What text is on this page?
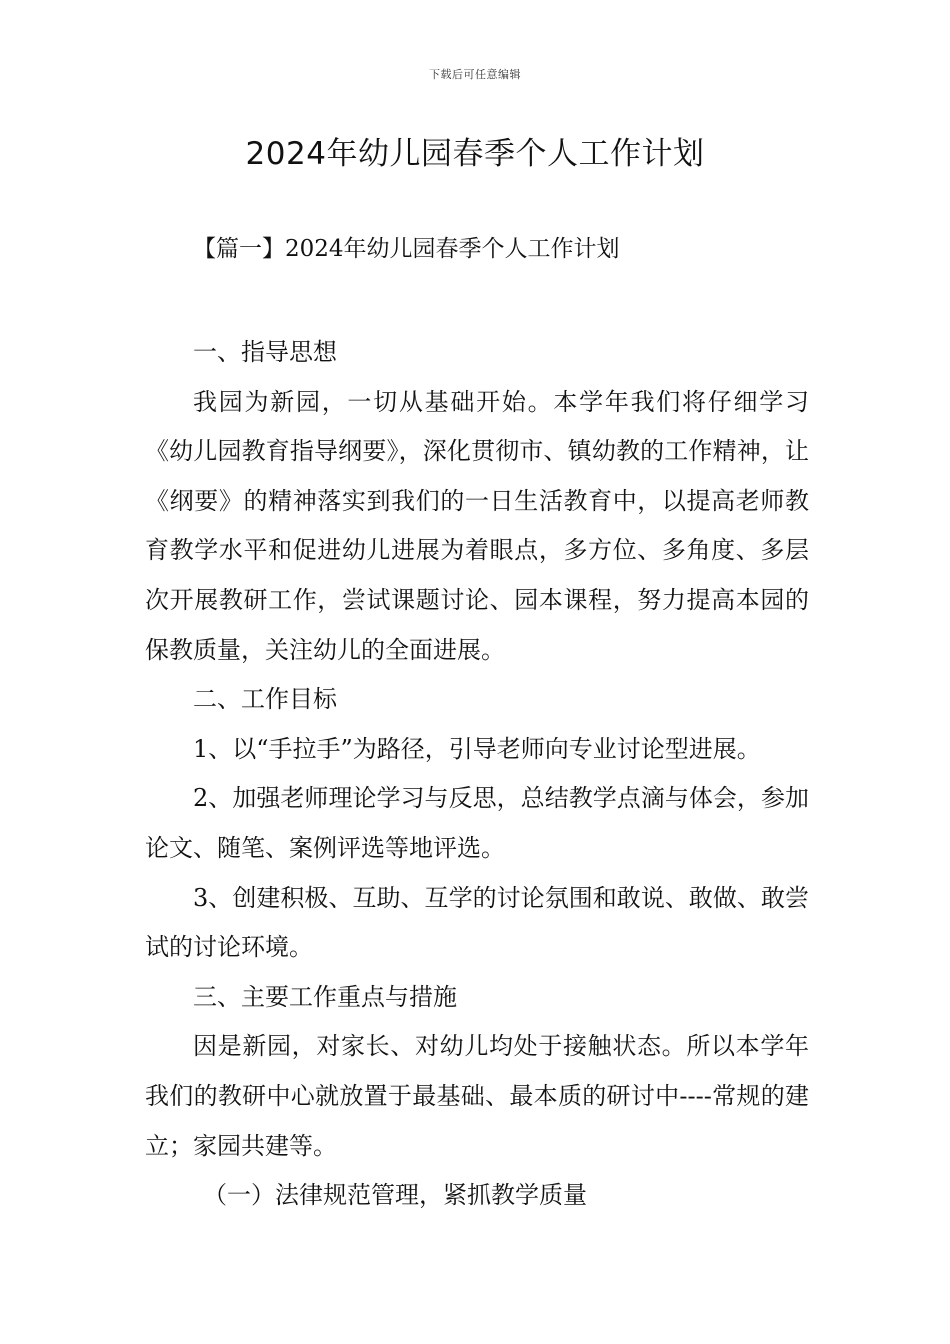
下载后可任意编辑
2024年幼儿园春季个人工作计划
【篇一】2024年幼儿园春季个人工作计划

一、指导思想

我园为新园，一切从基础开始。本学年我们将仔细学习《幼儿园教育指导纲要》，深化贯彻市、镇幼教的工作精神，让《纲要》的精神落实到我们的一日生活教育中，以提高老师教育教学水平和促进幼儿进展为着眼点，多方位、多角度、多层次开展教研工作，尝试课题讨论、园本课程，努力提高本园的保教质量，关注幼儿的全面进展。

二、工作目标

1、以“手拉手”为路径，引导老师向专业讨论型进展。

2、加强老师理论学习与反思，总结教学点滴与体会，参加论文、随笔、案例评选等地评选。

3、创建积极、互助、互学的讨论氛围和敢说、敢做、敢尝试的讨论环境。

三、主要工作重点与措施

因是新园，对家长、对幼儿均处于接触状态。所以本学年我们的教研中心就放置于最基础、最本质的研讨中----常规的建立；家园共建等。

（一）法律规范管理，紧抓教学质量
